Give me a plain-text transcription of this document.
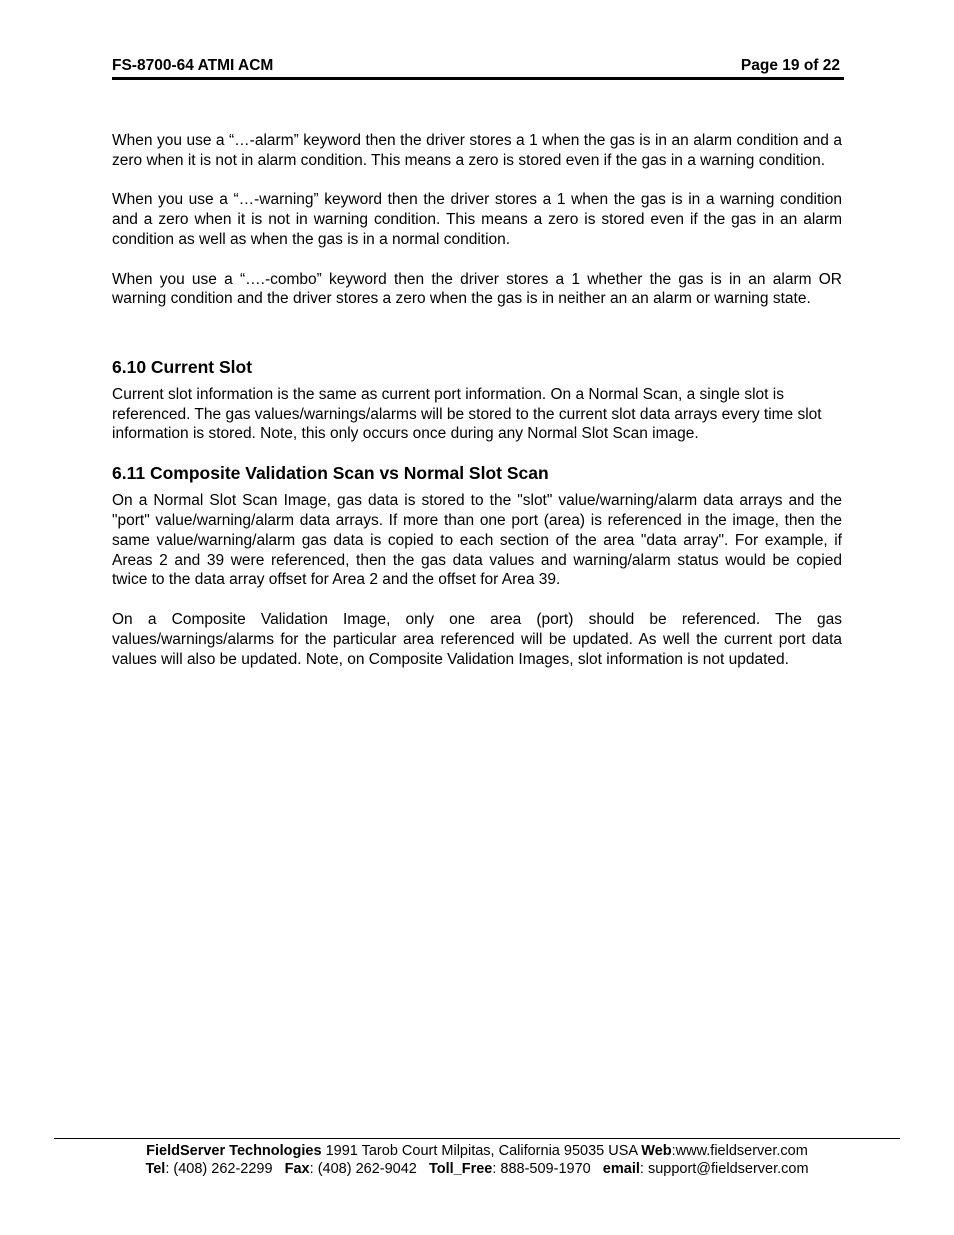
FS-8700-64 ATMI ACM	Page 19 of 22

When you use a “…-alarm” keyword then the driver stores a 1 when the gas is in an alarm condition and a zero when it is not in alarm condition. This means a zero is stored even if the gas in a warning condition.

When you use a “…-warning” keyword then the driver stores a 1 when the gas is in a warning condition and a zero when it is not in warning condition. This means a zero is stored even if the gas in an alarm condition as well as when the gas is in a normal condition.

When you use a “….-combo” keyword then the driver stores a 1 whether the gas is in an alarm OR warning condition and the driver stores a zero when the gas is in neither an an alarm or warning state.

6.10 Current Slot

Current slot information is the same as current port information. On a Normal Scan, a single slot is referenced. The gas values/warnings/alarms will be stored to the current slot data arrays every time slot information is stored. Note, this only occurs once during any Normal Slot Scan image.

6.11 Composite Validation Scan vs Normal Slot Scan

On a Normal Slot Scan Image, gas data is stored to the "slot" value/warning/alarm data arrays and the "port" value/warning/alarm data arrays. If more than one port (area) is referenced in the image, then the same value/warning/alarm gas data is copied to each section of the area "data array". For example, if Areas 2 and 39 were referenced, then the gas data values and warning/alarm status would be copied twice to the data array offset for Area 2 and the offset for Area 39.

On a Composite Validation Image, only one area (port) should be referenced. The gas values/warnings/alarms for the particular area referenced will be updated. As well the current port data values will also be updated. Note, on Composite Validation Images, slot information is not updated.

FieldServer Technologies 1991 Tarob Court Milpitas, California 95035 USA Web:www.fieldserver.com
Tel: (408) 262-2299   Fax: (408) 262-9042   Toll_Free: 888-509-1970   email: support@fieldserver.com
